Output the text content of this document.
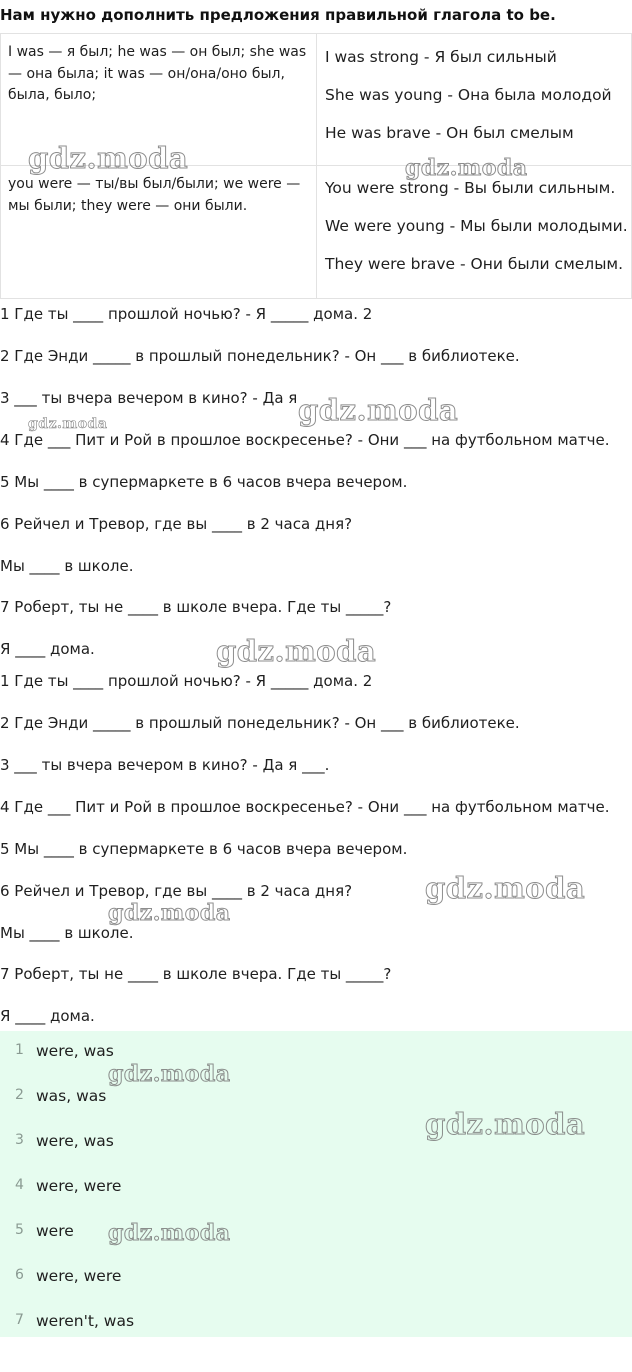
Нам нужно дополнить предложения правильной глагола to be.
I was — я был; he was — он был; she was — она была; it was — он/она/оно был, была, было;	I was strong - Я был сильный
She was young - Она была молодой
He was brave - Он был смелым

you were — ты/вы был/были; we were — мы были; they were — они были.	You were strong - Вы были сильным.
We were young - Мы были молодыми.
They were brave - Они были смелым.
1 Где ты ____ прошлой ночью? - Я _____ дома. 2
2 Где Энди _____ в прошлый понедельник? - Он ___ в библиотеке.
3 ___ ты вчера вечером в кино? - Да я
4 Где ___ Пит и Рой в прошлое воскресенье? - Они ___ на футбольном матче.
5 Мы ____ в супермаркете в 6 часов вчера вечером.
6 Рейчел и Тревор, где вы ____ в 2 часа дня?
Мы ____ в школе.
7 Роберт, ты не ____ в школе вчера. Где ты _____?
Я ____ дома.
1 Где ты ____ прошлой ночью? - Я _____ дома. 2
2 Где Энди _____ в прошлый понедельник? - Он ___ в библиотеке.
3 ___ ты вчера вечером в кино? - Да я ___.
4 Где ___ Пит и Рой в прошлое воскресенье? - Они ___ на футбольном матче.
5 Мы ____ в супермаркете в 6 часов вчера вечером.
6 Рейчел и Тревор, где вы ____ в 2 часа дня?
Мы ____ в школе.
7 Роберт, ты не ____ в школе вчера. Где ты _____?
Я ____ дома.
1 were, was
2 was, was
3 were, was
4 were, were
5 were
6 were, were
7 weren't, was
gdz.moda	gdz.moda
gdz.moda
gdz.moda
gdz.moda
gdz.moda
gdz.moda
gdz.moda
gdz.moda
gdz.moda
